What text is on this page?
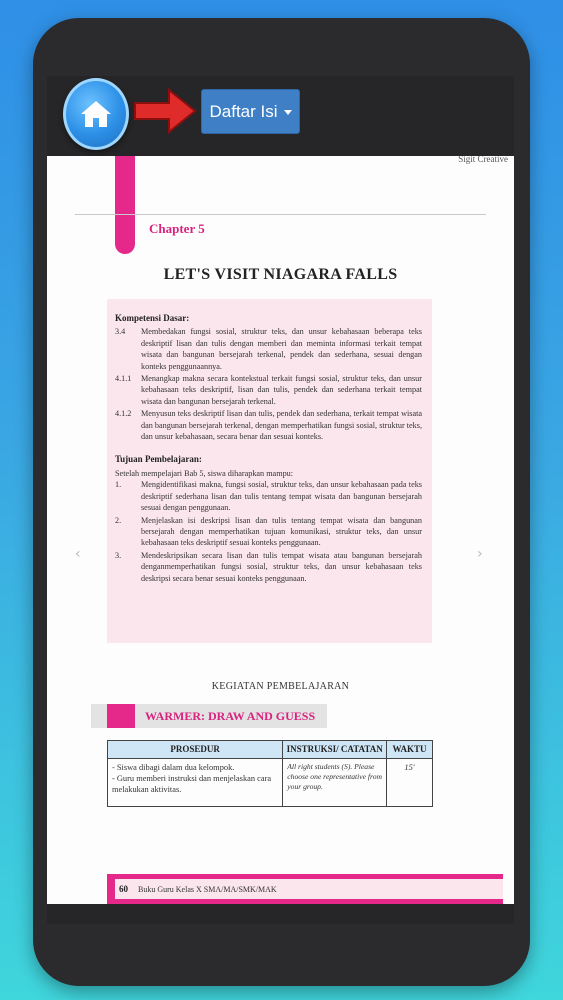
Daftar Isi
Sigit Creative
Chapter 5
LET'S VISIT NIAGARA FALLS
Kompetensi Dasar:
3.4	Membedakan fungsi sosial, struktur teks, dan unsur kebahasaan beberapa teks deskriptif lisan dan tulis dengan memberi dan meminta informasi terkait tempat wisata dan bangunan bersejarah terkenal, pendek dan sederhana, sesuai dengan konteks penggunaannya.
4.1.1	Menangkap makna secara kontekstual terkait fungsi sosial, struktur teks, dan unsur kebahasaan teks deskriptif, lisan dan tulis, pendek dan sederhana terkait tempat wisata dan bangunan bersejarah terkenal.
4.1.2	Menyusun teks deskriptif lisan dan tulis, pendek dan sederhana, terkait tempat wisata dan bangunan bersejarah terkenal, dengan memperhatikan fungsi sosial, struktur teks, dan unsur kebahasaan, secara benar dan sesuai konteks.
Tujuan Pembelajaran:
Setelah mempelajari Bab 5, siswa diharapkan mampu:
1.	Mengidentifikasi makna, fungsi sosial, struktur teks, dan unsur kebahasaan pada teks deskriptif sederhana lisan dan tulis tentang tempat wisata dan bangunan bersejarah sesuai dengan penggunaan.
2.	Menjelaskan isi deskripsi lisan dan tulis tentang tempat wisata dan bangunan bersejarah dengan memperhatikan tujuan komunikasi, struktur teks, dan unsur kebahasaan teks deskriptif sesuai konteks penggunaan.
3.	Mendeskripsikan secara lisan dan tulis tempat wisata atau bangunan bersejarah denganmemperhatikan fungsi sosial, struktur teks, dan unsur kebahasaan teks deskripsi secara benar sesuai konteks penggunaan.
‹	›
KEGIATAN PEMBELAJARAN
WARMER: DRAW AND GUESS
PROSEDUR	INSTRUKSI/ CATATAN	WAKTU
- Siswa dibagi dalam dua kelompok.
- Guru memberi instruksi dan menjelaskan cara melakukan aktivitas.	All right students (S). Please choose one representative from your group.	15'
60 Buku Guru Kelas X SMA/MA/SMK/MAK
